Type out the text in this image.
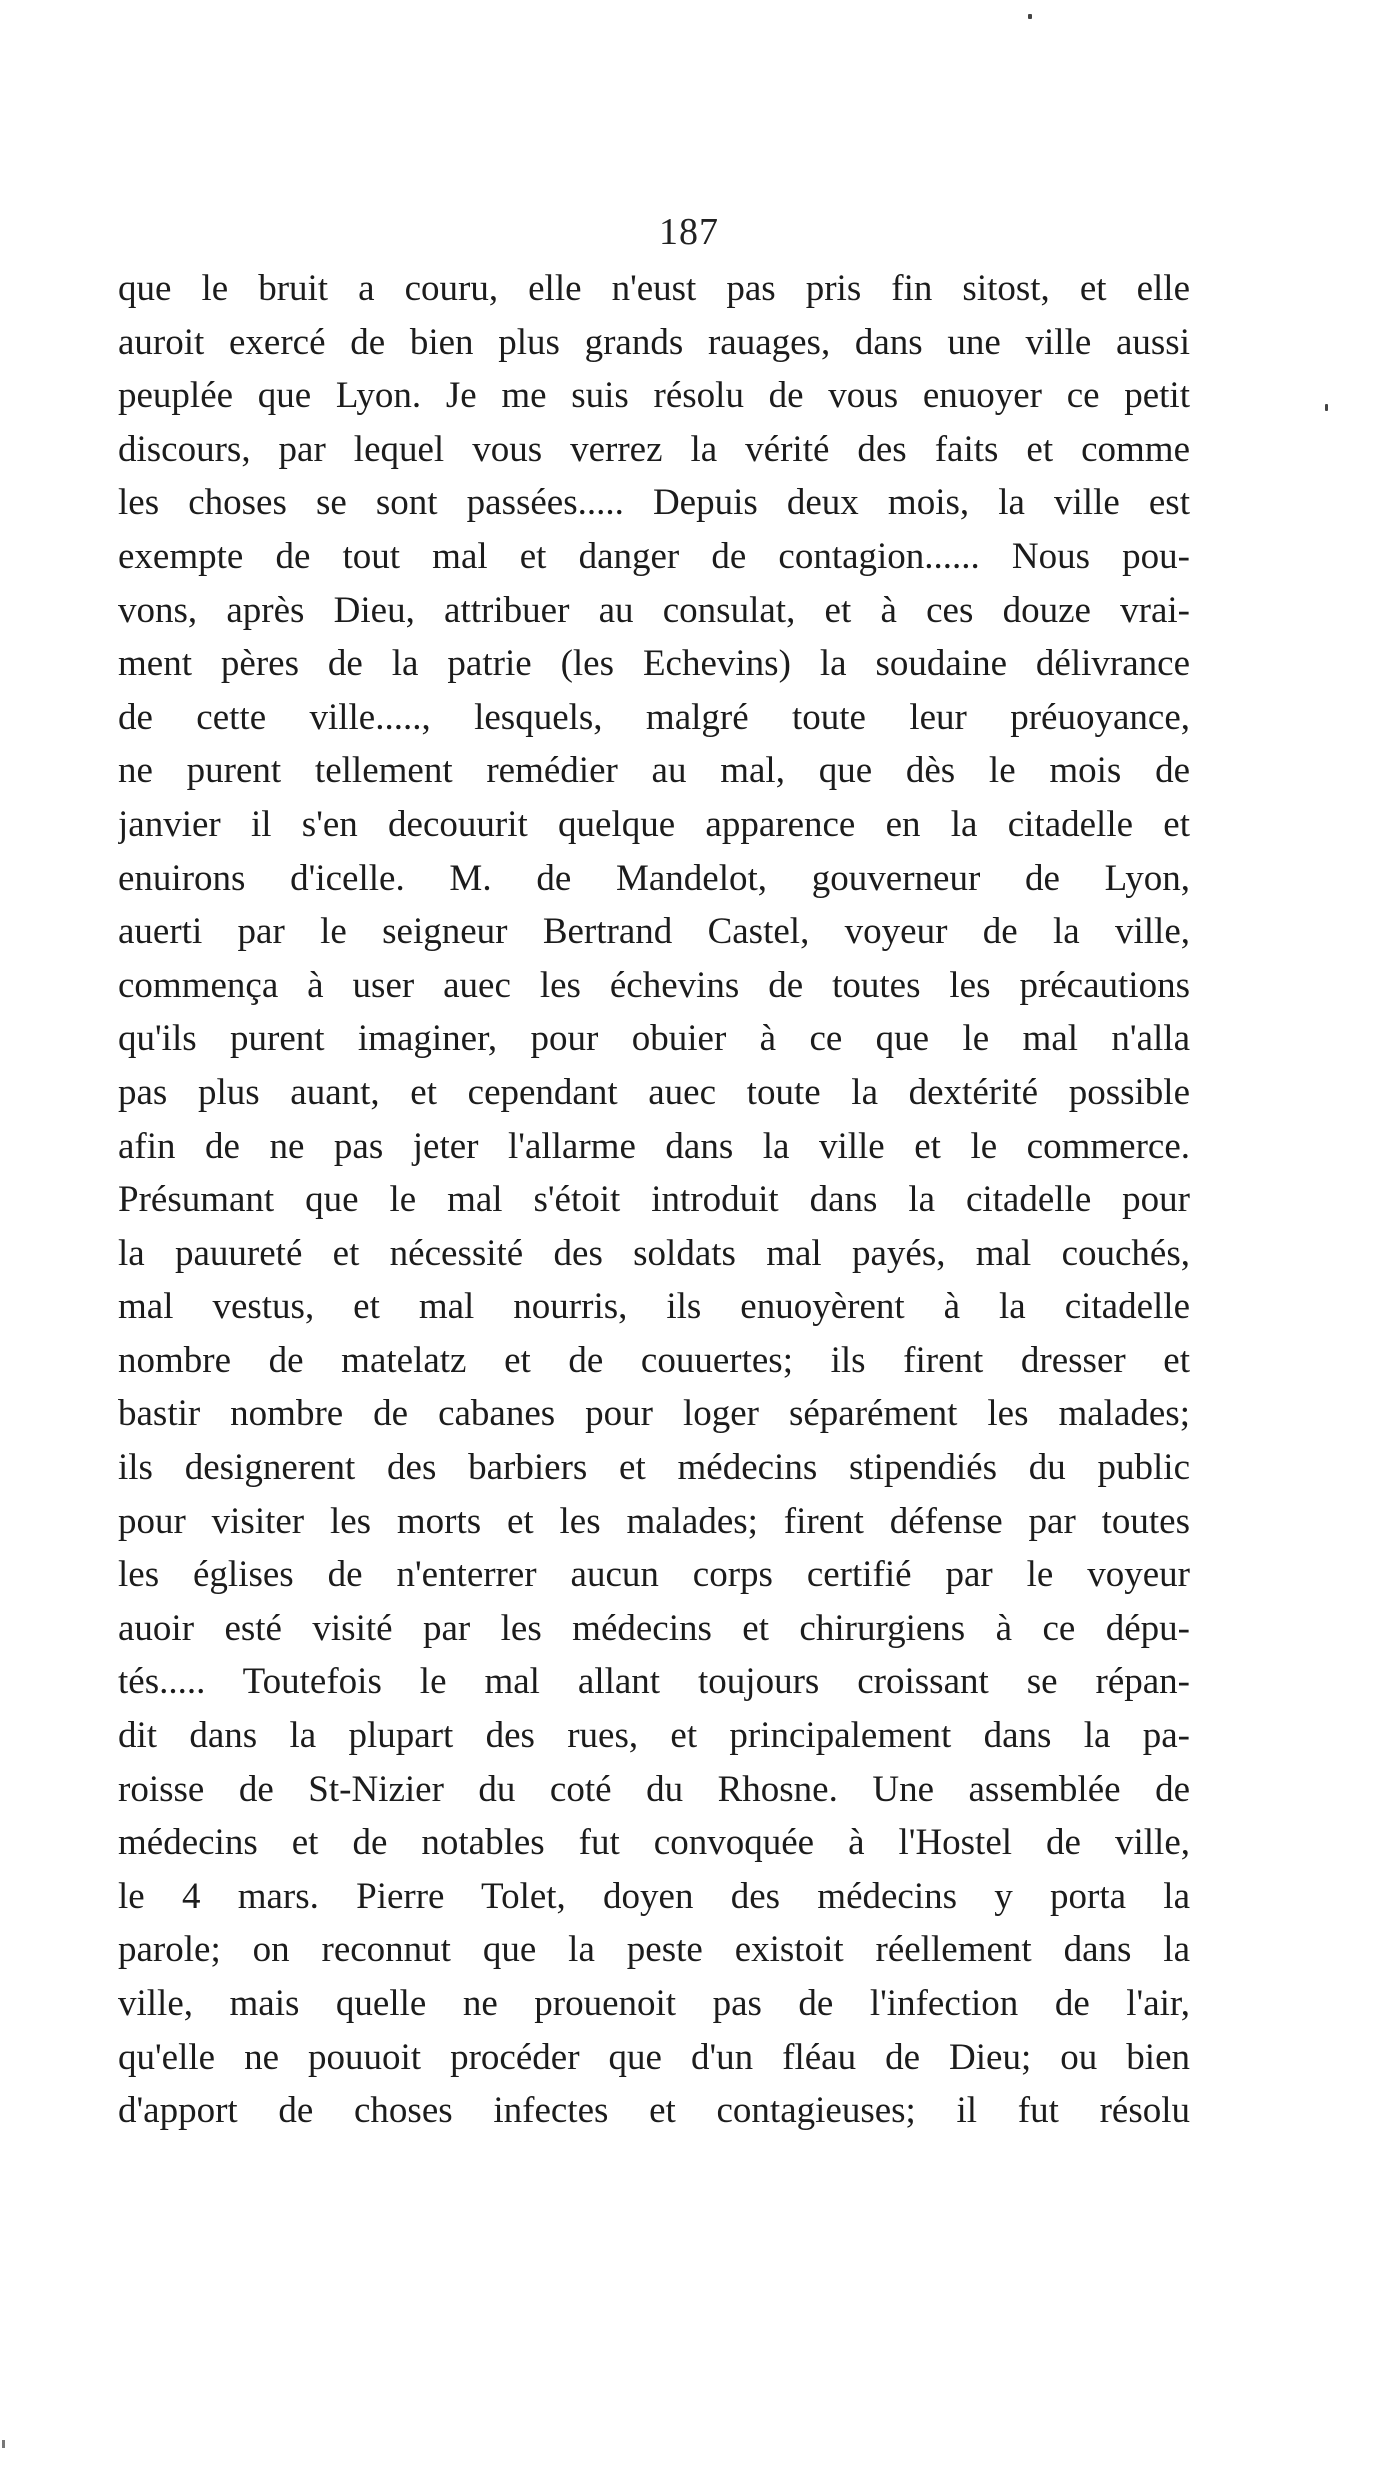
187
que le bruit a couru, elle n'eust pas pris fin sitost, et elle
auroit exercé de bien plus grands rauages, dans une ville aussi
peuplée que Lyon. Je me suis résolu de vous enuoyer ce petit
discours, par lequel vous verrez la vérité des faits et comme
les choses se sont passées..... Depuis deux mois, la ville est
exempte de tout mal et danger de contagion...... Nous pou-
vons, après Dieu, attribuer au consulat, et à ces douze vrai-
ment pères de la patrie (les Echevins) la soudaine délivrance
de cette ville....., lesquels, malgré toute leur préuoyance,
ne purent tellement remédier au mal, que dès le mois de
janvier il s'en decouurit quelque apparence en la citadelle et
enuirons d'icelle. M. de Mandelot, gouverneur de Lyon,
auerti par le seigneur Bertrand Castel, voyeur de la ville,
commença à user auec les échevins de toutes les précautions
qu'ils purent imaginer, pour obuier à ce que le mal n'alla
pas plus auant, et cependant auec toute la dextérité possible
afin de ne pas jeter l'allarme dans la ville et le commerce.
Présumant que le mal s'étoit introduit dans la citadelle pour
la pauureté et nécessité des soldats mal payés, mal couchés,
mal vestus, et mal nourris, ils enuoyèrent à la citadelle
nombre de matelatz et de couuertes; ils firent dresser et
bastir nombre de cabanes pour loger séparément les malades;
ils designerent des barbiers et médecins stipendiés du public
pour visiter les morts et les malades; firent défense par toutes
les églises de n'enterrer aucun corps certifié par le voyeur
auoir esté visité par les médecins et chirurgiens à ce dépu-
tés..... Toutefois le mal allant toujours croissant se répan-
dit dans la plupart des rues, et principalement dans la pa-
roisse de St-Nizier du coté du Rhosne. Une assemblée de
médecins et de notables fut convoquée à l'Hostel de ville,
le 4 mars. Pierre Tolet, doyen des médecins y porta la
parole; on reconnut que la peste existoit réellement dans la
ville, mais quelle ne prouenoit pas de l'infection de l'air,
qu'elle ne pouuoit procéder que d'un fléau de Dieu; ou bien
d'apport de choses infectes et contagieuses; il fut résolu
